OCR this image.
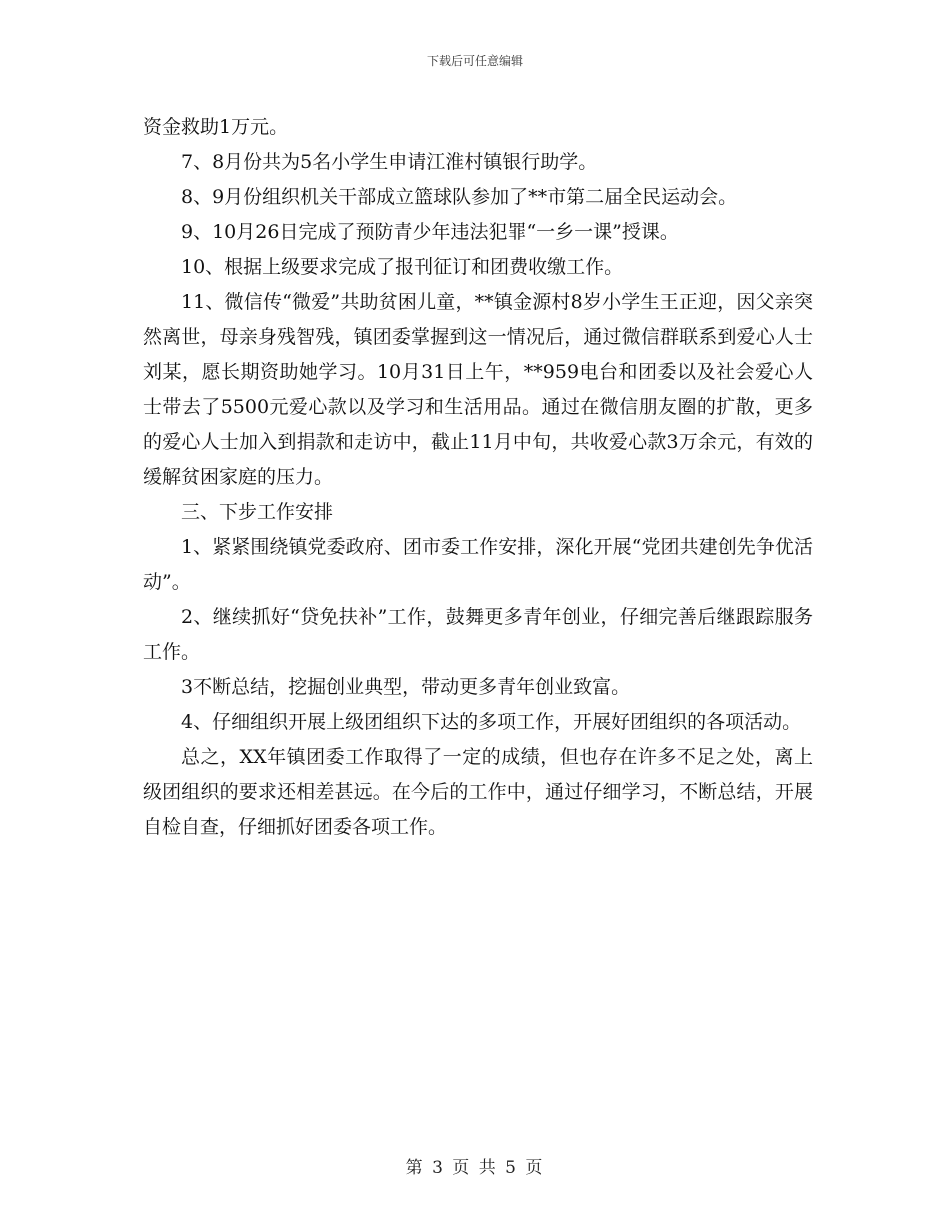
下载后可任意编辑

资金救助1万元。

7、8月份共为5名小学生申请江淮村镇银行助学。

8、9月份组织机关干部成立篮球队参加了**市第二届全民运动会。

9、10月26日完成了预防青少年违法犯罪“一乡一课”授课。

10、根据上级要求完成了报刊征订和团费收缴工作。

11、微信传“微爱”共助贫困儿童，**镇金源村8岁小学生王正迎，因父亲突然离世，母亲身残智残，镇团委掌握到这一情况后，通过微信群联系到爱心人士刘某，愿长期资助她学习。10月31日上午，**959电台和团委以及社会爱心人士带去了5500元爱心款以及学习和生活用品。通过在微信朋友圈的扩散，更多的爱心人士加入到捐款和走访中，截止11月中旬，共收爱心款3万余元，有效的缓解贫困家庭的压力。

三、下步工作安排

1、紧紧围绕镇党委政府、团市委工作安排，深化开展“党团共建创先争优活动”。

2、继续抓好“贷免扶补”工作，鼓舞更多青年创业，仔细完善后继跟踪服务工作。

3不断总结，挖掘创业典型，带动更多青年创业致富。

4、仔细组织开展上级团组织下达的多项工作，开展好团组织的各项活动。

总之，XX年镇团委工作取得了一定的成绩，但也存在许多不足之处，离上级团组织的要求还相差甚远。在今后的工作中，通过仔细学习，不断总结，开展自检自查，仔细抓好团委各项工作。

第 3 页 共 5 页
